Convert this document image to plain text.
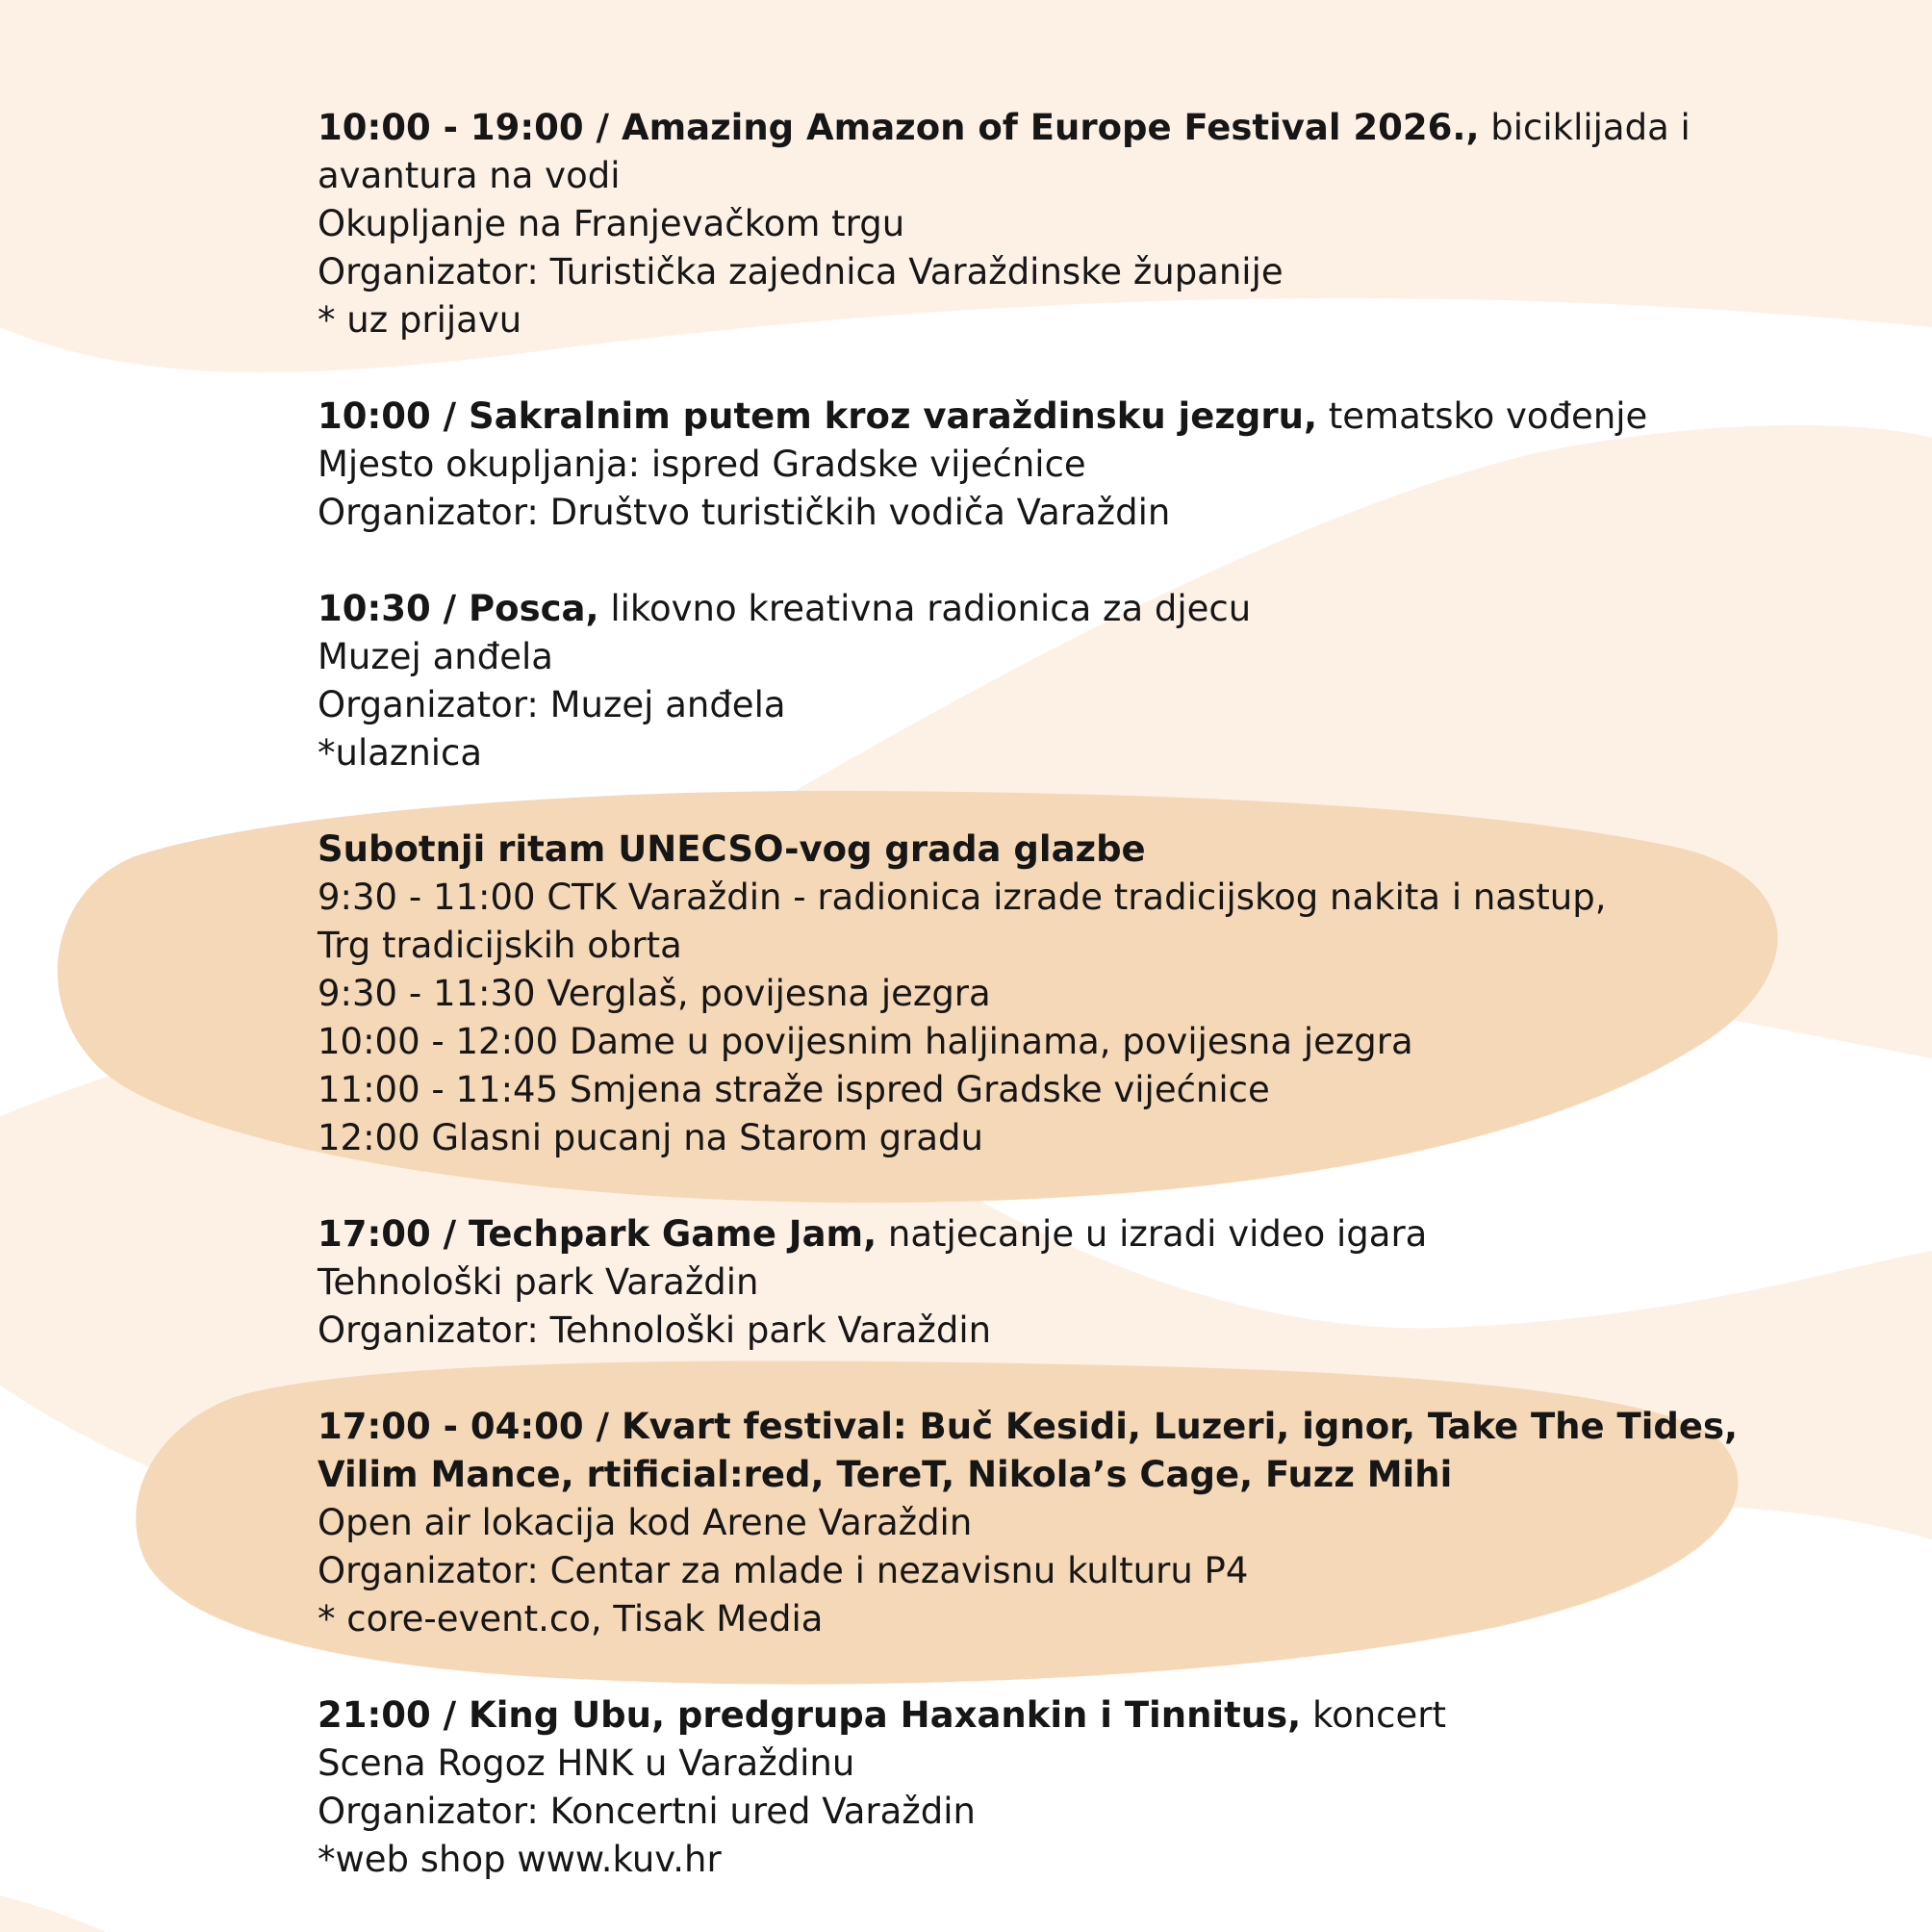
10:00 - 19:00 / Amazing Amazon of Europe Festival 2026., biciklijada i avantura na vodi
Okupljanje na Franjevačkom trgu
Organizator: Turistička zajednica Varaždinske županije
* uz prijavu
10:00 / Sakralnim putem kroz varaždinsku jezgru, tematsko vođenje
Mjesto okupljanja: ispred Gradske vijećnice
Organizator: Društvo turističkih vodiča Varaždin
10:30 / Posca, likovno kreativna radionica za djecu
Muzej anđela
Organizator: Muzej anđela
*ulaznica
Subotnji ritam UNECSO-vog grada glazbe
9:30 - 11:00 CTK Varaždin - radionica izrade tradicijskog nakita i nastup,
Trg tradicijskih obrta
9:30 - 11:30 Verglaš, povijesna jezgra
10:00 - 12:00 Dame u povijesnim haljinama, povijesna jezgra
11:00 - 11:45 Smjena straže ispred Gradske vijećnice
12:00 Glasni pucanj na Starom gradu
17:00 / Techpark Game Jam, natjecanje u izradi video igara
Tehnološki park Varaždin
Organizator: Tehnološki park Varaždin
17:00 - 04:00 / Kvart festival: Buč Kesidi, Luzeri, ignor, Take The Tides, Vilim Mance, rtificial:red, TereT, Nikola’s Cage, Fuzz Mihi
Open air lokacija kod Arene Varaždin
Organizator: Centar za mlade i nezavisnu kulturu P4
* core-event.co, Tisak Media
21:00 / King Ubu, predgrupa Haxankin i Tinnitus, koncert
Scena Rogoz HNK u Varaždinu
Organizator: Koncertni ured Varaždin
*web shop www.kuv.hr
